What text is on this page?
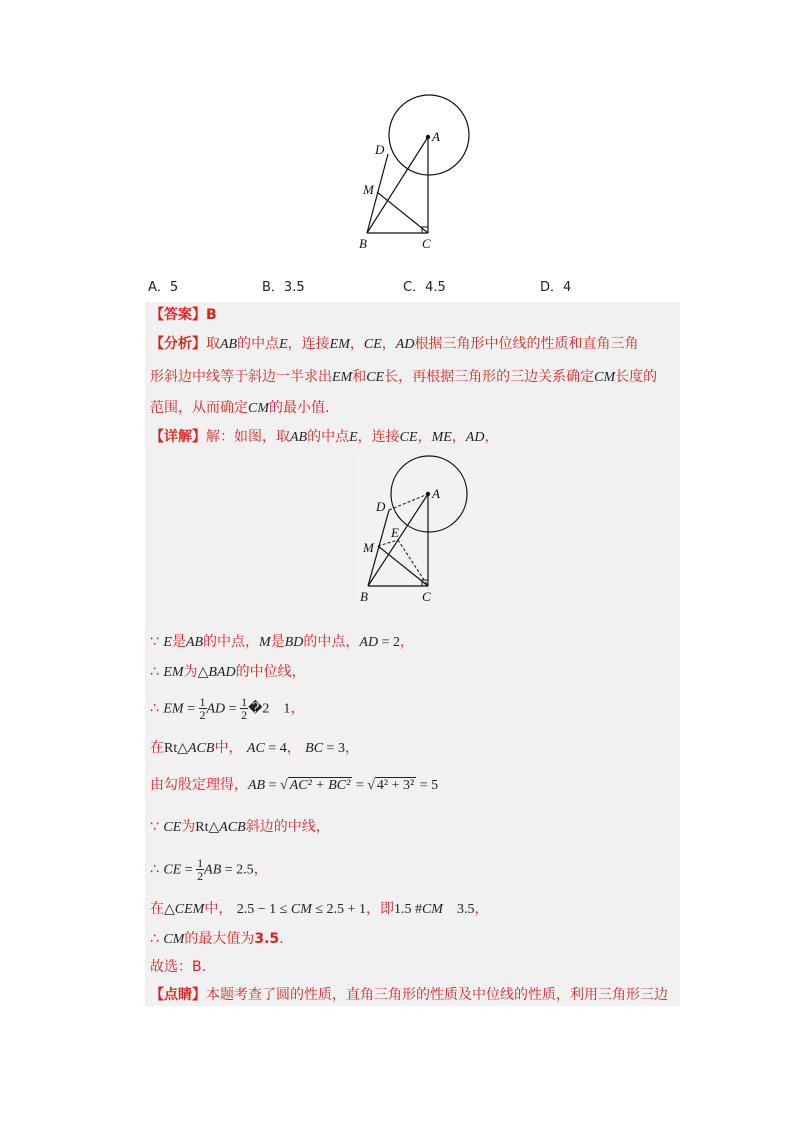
A
D
M
B	C
A．5	B．3.5	C．4.5	D．4
【答案】B
【分析】取AB的中点E，连接EM，CE，AD根据三角形中位线的性质和直角三角
形斜边中线等于斜边一半求出EM和CE长，再根据三角形的三边关系确定CM长度的
范围，从而确定CM的最小值.
【详解】解：如图，取AB的中点E，连接CE，ME，AD，
A
D
E
M
B	C
∵ E是AB的中点，M是BD的中点，AD = 2，
∴ EM为△BAD的中位线，
∴ EM = $\frac{1}{2}$ AD = $\frac{1}{2}$ �2　1，
在Rt△ACB中， AC = 4， BC = 3，
由勾股定理得，AB = √ AC² + BC² = √ 4² + 3² = 5
∵ CE为Rt△ACB斜边的中线，
∴ CE = $\frac{1}{2}$ AB = 2.5，
在△CEM中， 2.5 − 1 ≤ CM ≤ 2.5 + 1，即1.5 #CM　3.5，
∴ CM的最大值为3.5.
故选：B.
【点睛】本题考查了圆的性质，直角三角形的性质及中位线的性质，利用三角形三边
